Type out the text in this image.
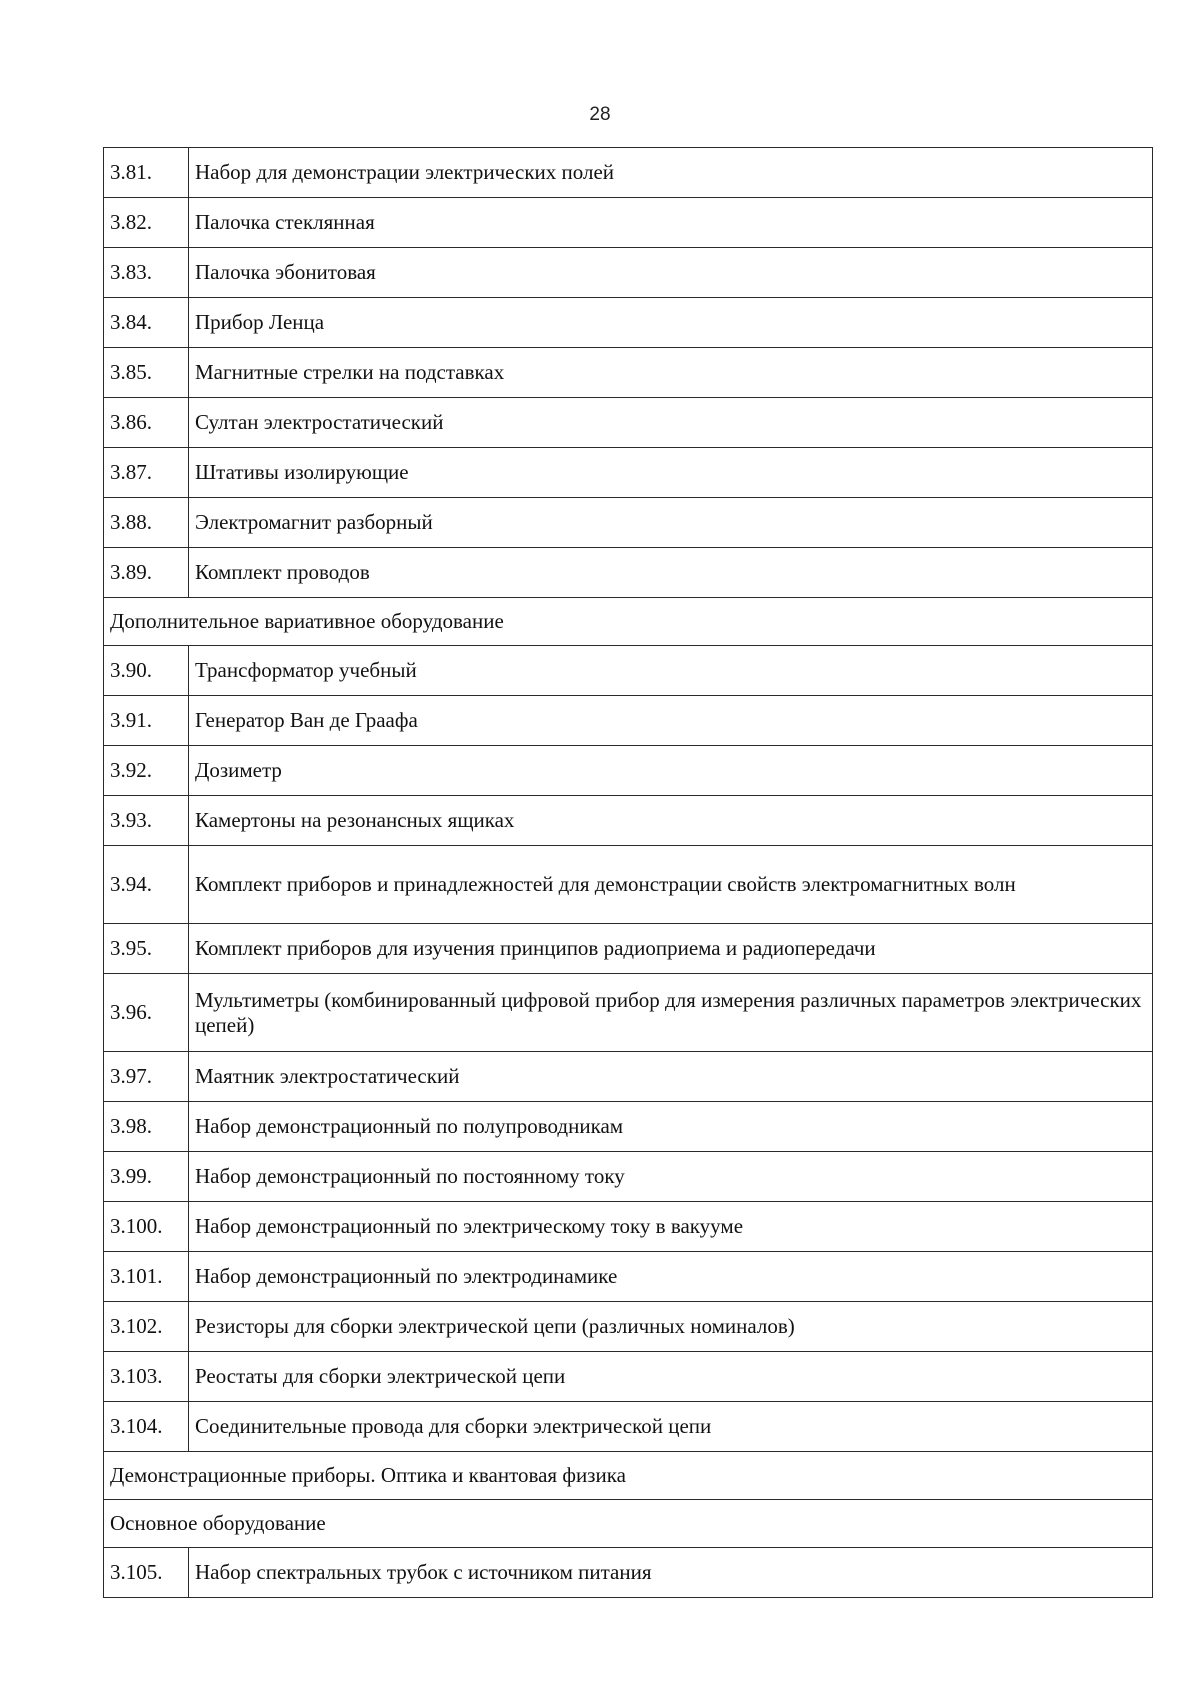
28
3.81.	Набор для демонстрации электрических полей
3.82.	Палочка стеклянная
3.83.	Палочка эбонитовая
3.84.	Прибор Ленца
3.85.	Магнитные стрелки на подставках
3.86.	Султан электростатический
3.87.	Штативы изолирующие
3.88.	Электромагнит разборный
3.89.	Комплект проводов
Дополнительное вариативное оборудование	
3.90.	Трансформатор учебный
3.91.	Генератор Ван де Граафа
3.92.	Дозиметр
3.93.	Камертоны на резонансных ящиках
3.94.	Комплект приборов и принадлежностей для демонстрации свойств электромагнитных волн
3.95.	Комплект приборов для изучения принципов радиоприема и радиопередачи
3.96.	Мультиметры (комбинированный цифровой прибор для измерения различных параметров электрических цепей)
3.97.	Маятник электростатический
3.98.	Набор демонстрационный по полупроводникам
3.99.	Набор демонстрационный по постоянному току
3.100.	Набор демонстрационный по электрическому току в вакууме
3.101.	Набор демонстрационный по электродинамике
3.102.	Резисторы для сборки электрической цепи (различных номиналов)
3.103.	Реостаты для сборки электрической цепи
3.104.	Соединительные провода для сборки электрической цепи
Демонстрационные приборы. Оптика и квантовая физика	
Основное оборудование	
3.105.	Набор спектральных трубок с источником питания
